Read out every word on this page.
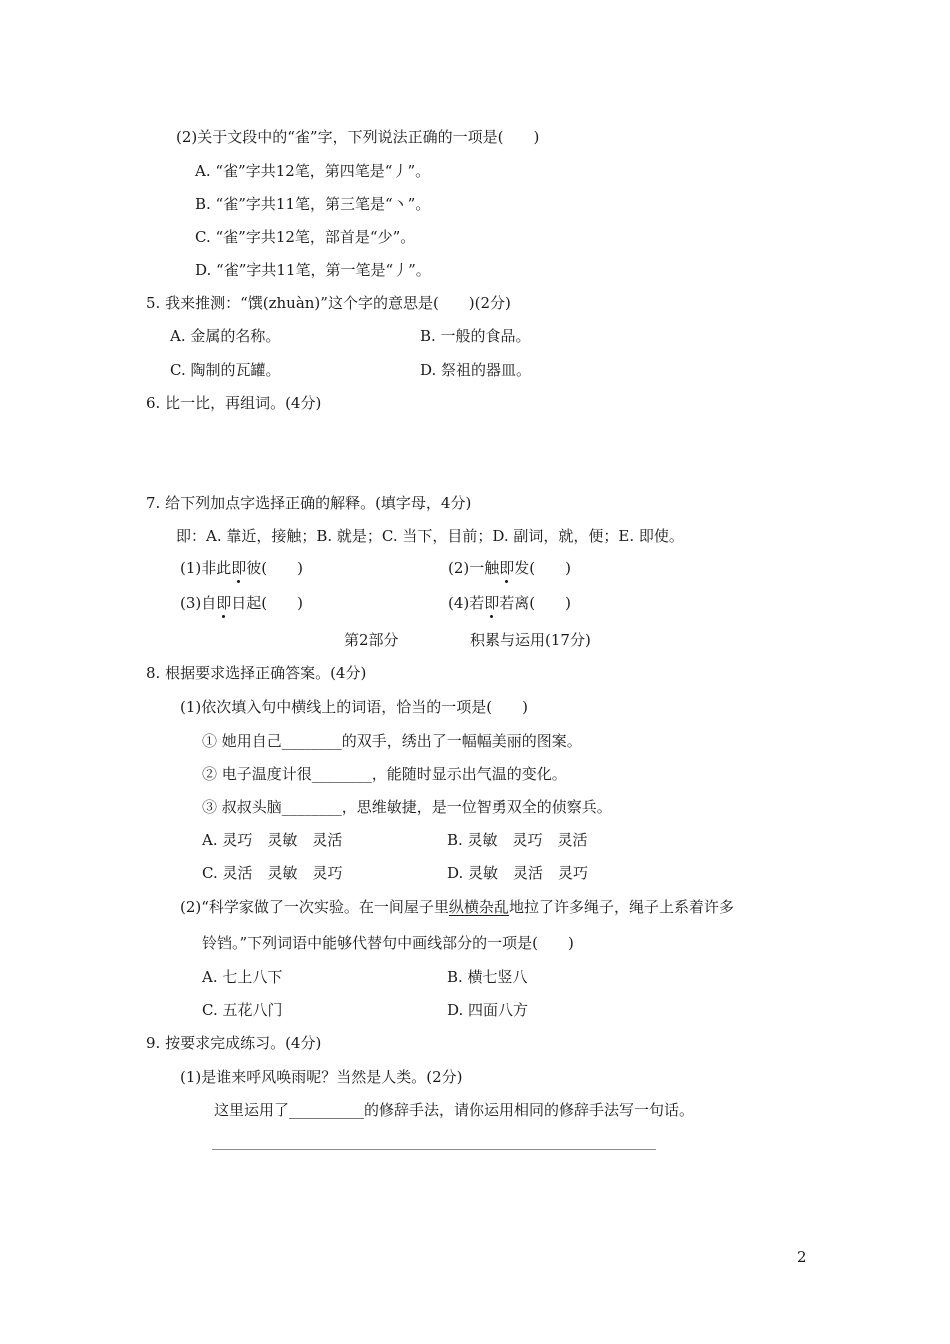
(2)关于文段中的“雀”字，下列说法正确的一项是(　　)
A. “雀”字共12笔，第四笔是“丿”。
B. “雀”字共11笔，第三笔是“丶”。
C. “雀”字共12笔，部首是“少”。
D. “雀”字共11笔，第一笔是“丿”。
5. 我来推测：“馔(zhuàn)”这个字的意思是(　　)(2分)
A. 金属的名称。	B. 一般的食品。
C. 陶制的瓦罐。	D. 祭祖的器皿。
6. 比一比，再组词。(4分)
7. 给下列加点字选择正确的解释。(填字母，4分)
即：A. 靠近，接触；B. 就是；C. 当下，目前；D. 副词，就，便；E. 即使。
(1)非此即彼(　　)	(2)一触即发(　　)
(3)自即日起(　　)	(4)若即若离(　　)
第2部分	积累与运用(17分)
8. 根据要求选择正确答案。(4分)
(1)依次填入句中横线上的词语，恰当的一项是(　　)
① 她用自己________的双手，绣出了一幅幅美丽的图案。
② 电子温度计很________，能随时显示出气温的变化。
③ 叔叔头脑________，思维敏捷，是一位智勇双全的侦察兵。
A. 灵巧　灵敏　灵活	B. 灵敏　灵巧　灵活
C. 灵活　灵敏　灵巧	D. 灵敏　灵活　灵巧
(2)“科学家做了一次实验。在一间屋子里纵横杂乱地拉了许多绳子，绳子上系着许多
铃铛。”下列词语中能够代替句中画线部分的一项是(　　)
A. 七上八下	B. 横七竖八
C. 五花八门	D. 四面八方
9. 按要求完成练习。(4分)
(1)是谁来呼风唤雨呢？当然是人类。(2分)
这里运用了__________的修辞手法，请你运用相同的修辞手法写一句话。
2
